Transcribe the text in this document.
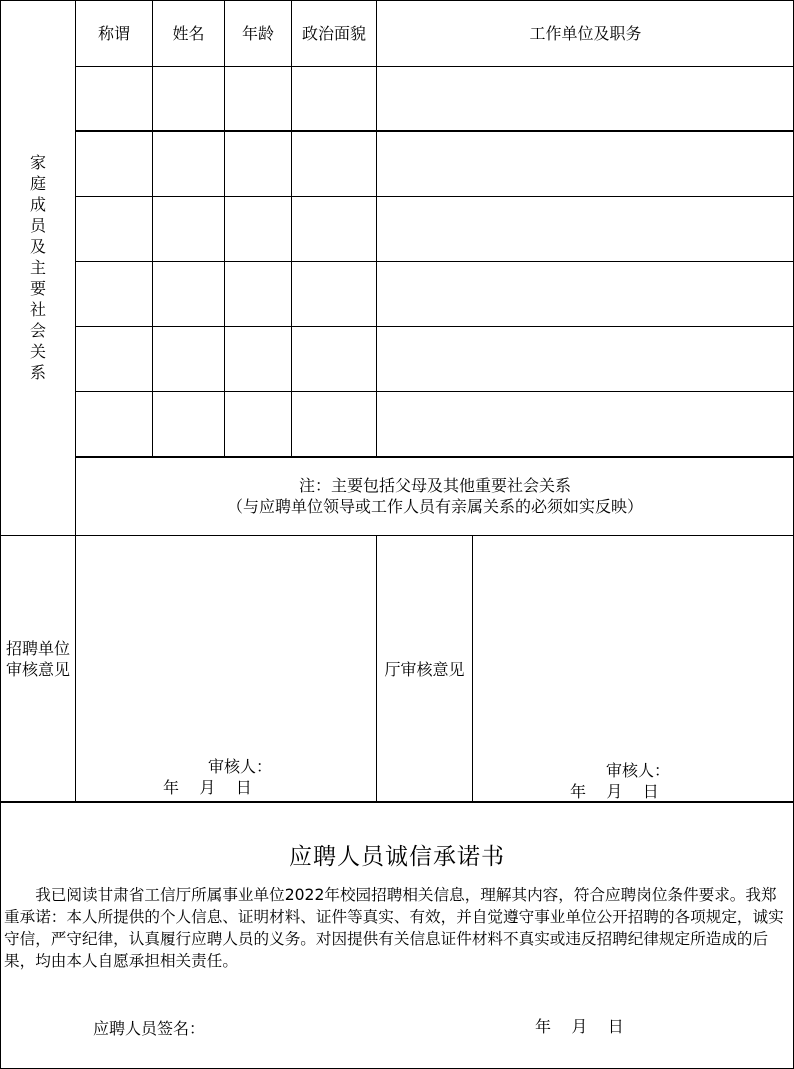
家庭成员及主要社会关系
称谓	姓名	年龄	政治面貌	工作单位及职务
注：主要包括父母及其他重要社会关系
（与应聘单位领导或工作人员有亲属关系的必须如实反映）
招聘单位审核意见	厅审核意见
审核人：
年    月    日
审核人：
年    月    日
应聘人员诚信承诺书
我已阅读甘肃省工信厅所属事业单位2022年校园招聘相关信息，理解其内容，符合应聘岗位条件要求。我郑重承诺：本人所提供的个人信息、证明材料、证件等真实、有效，并自觉遵守事业单位公开招聘的各项规定，诚实守信，严守纪律，认真履行应聘人员的义务。对因提供有关信息证件材料不真实或违反招聘纪律规定所造成的后果，均由本人自愿承担相关责任。
应聘人员签名：	年    月    日
